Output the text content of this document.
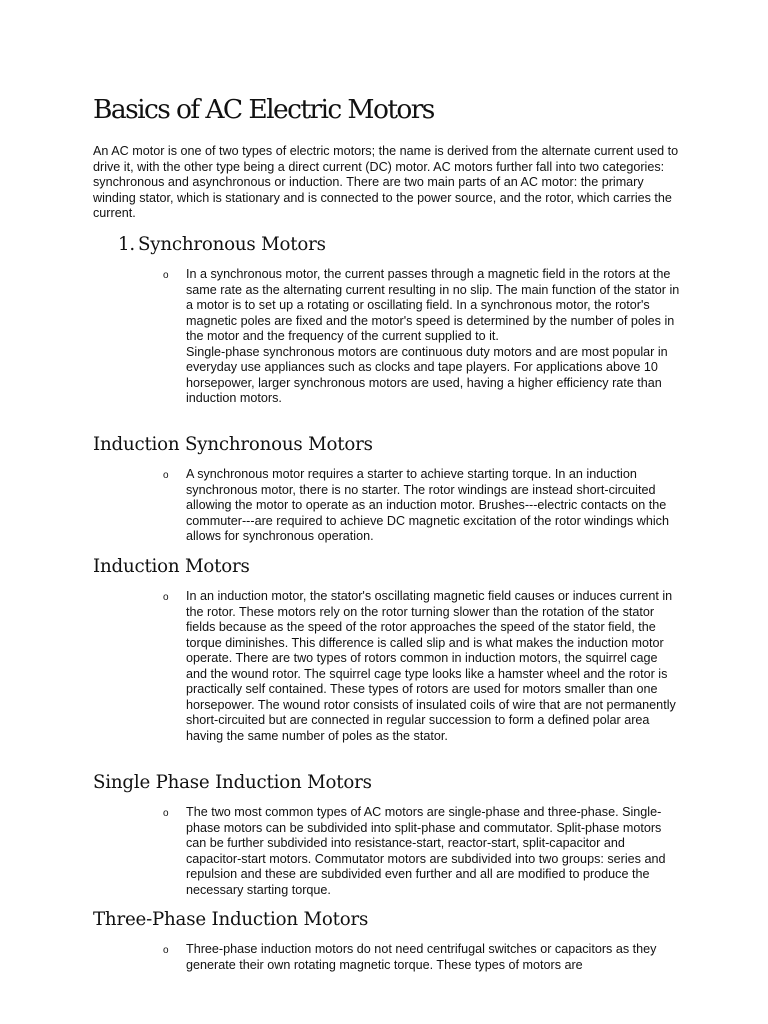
Basics of AC Electric Motors

An AC motor is one of two types of electric motors; the name is derived from the alternate current used to drive it, with the other type being a direct current (DC) motor. AC motors further fall into two categories: synchronous and asynchronous or induction. There are two main parts of an AC motor: the primary winding stator, which is stationary and is connected to the power source, and the rotor, which carries the current.

1. Synchronous Motors
o In a synchronous motor, the current passes through a magnetic field in the rotors at the same rate as the alternating current resulting in no slip. The main function of the stator in a motor is to set up a rotating or oscillating field. In a synchronous motor, the rotor's magnetic poles are fixed and the motor's speed is determined by the number of poles in the motor and the frequency of the current supplied to it.

Single-phase synchronous motors are continuous duty motors and are most popular in everyday use appliances such as clocks and tape players. For applications above 10 horsepower, larger synchronous motors are used, having a higher efficiency rate than induction motors.

Induction Synchronous Motors
o A synchronous motor requires a starter to achieve starting torque. In an induction synchronous motor, there is no starter. The rotor windings are instead short-circuited allowing the motor to operate as an induction motor. Brushes---electric contacts on the commuter---are required to achieve DC magnetic excitation of the rotor windings which allows for synchronous operation.

Induction Motors
o In an induction motor, the stator's oscillating magnetic field causes or induces current in the rotor. These motors rely on the rotor turning slower than the rotation of the stator fields because as the speed of the rotor approaches the speed of the stator field, the torque diminishes. This difference is called slip and is what makes the induction motor operate. There are two types of rotors common in induction motors, the squirrel cage and the wound rotor. The squirrel cage type looks like a hamster wheel and the rotor is practically self contained. These types of rotors are used for motors smaller than one horsepower. The wound rotor consists of insulated coils of wire that are not permanently short-circuited but are connected in regular succession to form a defined polar area having the same number of poles as the stator.

Single Phase Induction Motors
o The two most common types of AC motors are single-phase and three-phase. Single-phase motors can be subdivided into split-phase and commutator. Split-phase motors can be further subdivided into resistance-start, reactor-start, split-capacitor and capacitor-start motors. Commutator motors are subdivided into two groups: series and repulsion and these are subdivided even further and all are modified to produce the necessary starting torque.

Three-Phase Induction Motors
o Three-phase induction motors do not need centrifugal switches or capacitors as they generate their own rotating magnetic torque. These types of motors are
